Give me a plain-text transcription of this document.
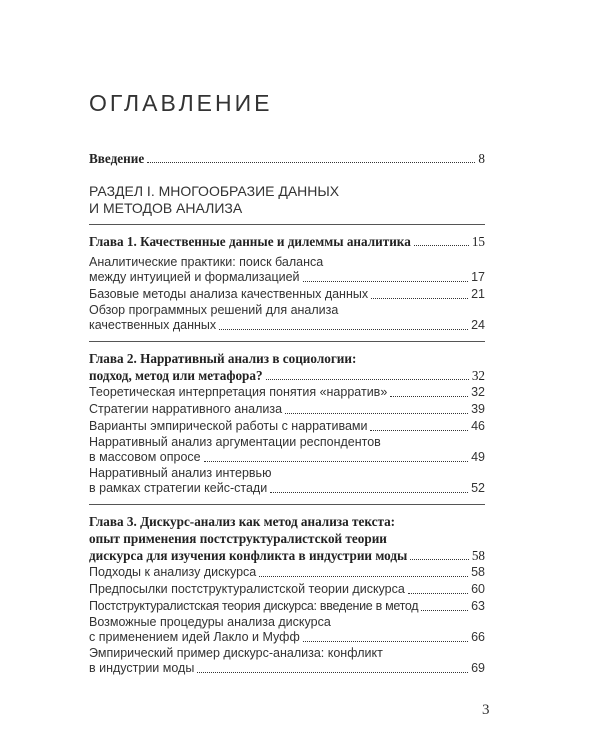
ОГЛАВЛЕНИЕ
Введение	8
РАЗДЕЛ I. МНОГООБРАЗИЕ ДАННЫХ
И МЕТОДОВ АНАЛИЗА
Глава 1. Качественные данные и дилеммы аналитика	15
Аналитические практики: поиск баланса
между интуицией и формализацией	17
Базовые методы анализа качественных данных	21
Обзор программных решений для анализа
качественных данных	24
Глава 2. Нарративный анализ в социологии:
подход, метод или метафора?	32
Теоретическая интерпретация понятия «нарратив»	32
Стратегии нарративного анализа	39
Варианты эмпирической работы с нарративами	46
Нарративный анализ аргументации респондентов
в массовом опросе	49
Нарративный анализ интервью
в рамках стратегии кейс-стади	52
Глава 3. Дискурс-анализ как метод анализа текста:
опыт применения постструктуралистской теории
дискурса для изучения конфликта в индустрии моды	58
Подходы к анализу дискурса	58
Предпосылки постструктуралистской теории дискурса	60
Постструктуралистская теория дискурса: введение в метод	63
Возможные процедуры анализа дискурса
с применением идей Лакло и Муфф	66
Эмпирический пример дискурс-анализа: конфликт
в индустрии моды	69
3
